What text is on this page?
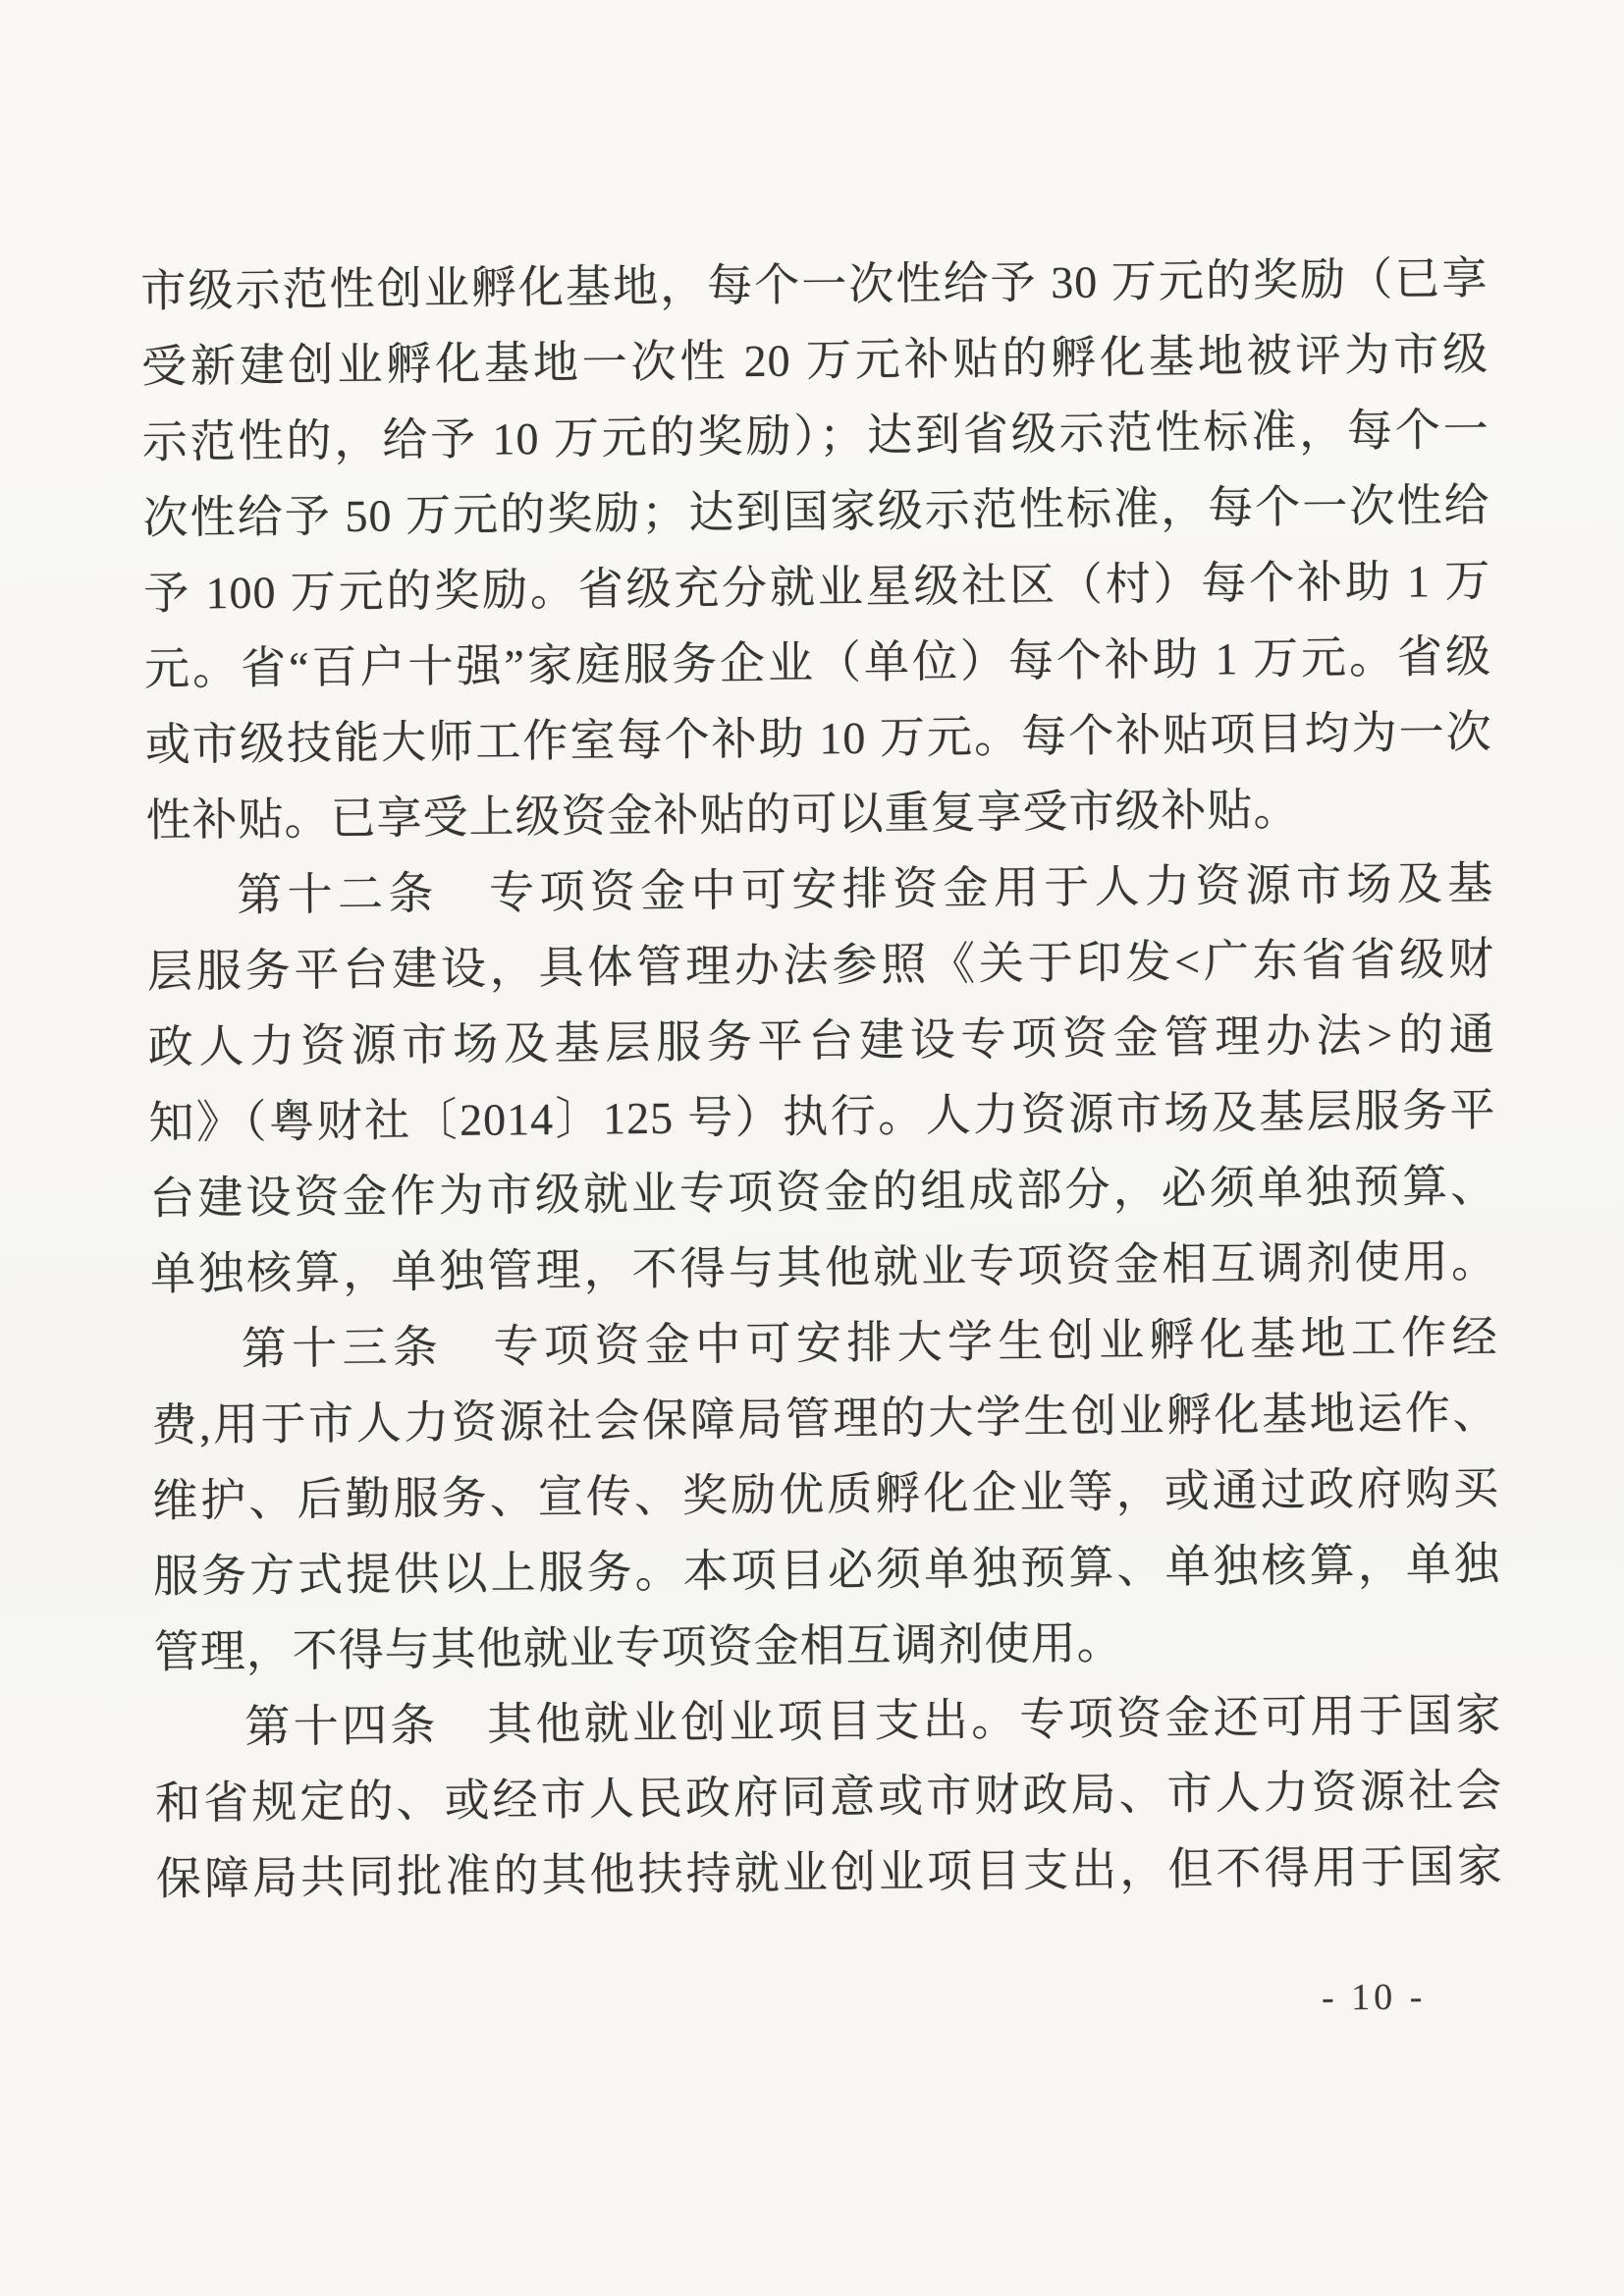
市级示范性创业孵化基地，每个一次性给予 30 万元的奖励（已享
受新建创业孵化基地一次性 20 万元补贴的孵化基地被评为市级
示范性的，给予 10 万元的奖励）；达到省级示范性标准，每个一
次性给予 50 万元的奖励；达到国家级示范性标准，每个一次性给
予 100 万元的奖励。省级充分就业星级社区（村）每个补助 1 万
元。省“百户十强”家庭服务企业（单位）每个补助 1 万元。省级
或市级技能大师工作室每个补助 10 万元。每个补贴项目均为一次
性补贴。已享受上级资金补贴的可以重复享受市级补贴。
第十二条　专项资金中可安排资金用于人力资源市场及基
层服务平台建设，具体管理办法参照《关于印发<广东省省级财
政人力资源市场及基层服务平台建设专项资金管理办法>的通
知》（粤财社〔2014〕125 号）执行。人力资源市场及基层服务平
台建设资金作为市级就业专项资金的组成部分，必须单独预算、
单独核算，单独管理，不得与其他就业专项资金相互调剂使用。
第十三条　专项资金中可安排大学生创业孵化基地工作经
费,用于市人力资源社会保障局管理的大学生创业孵化基地运作、
维护、后勤服务、宣传、奖励优质孵化企业等，或通过政府购买
服务方式提供以上服务。本项目必须单独预算、单独核算，单独
管理，不得与其他就业专项资金相互调剂使用。
第十四条　其他就业创业项目支出。专项资金还可用于国家
和省规定的、或经市人民政府同意或市财政局、市人力资源社会
保障局共同批准的其他扶持就业创业项目支出，但不得用于国家
- 10 -
